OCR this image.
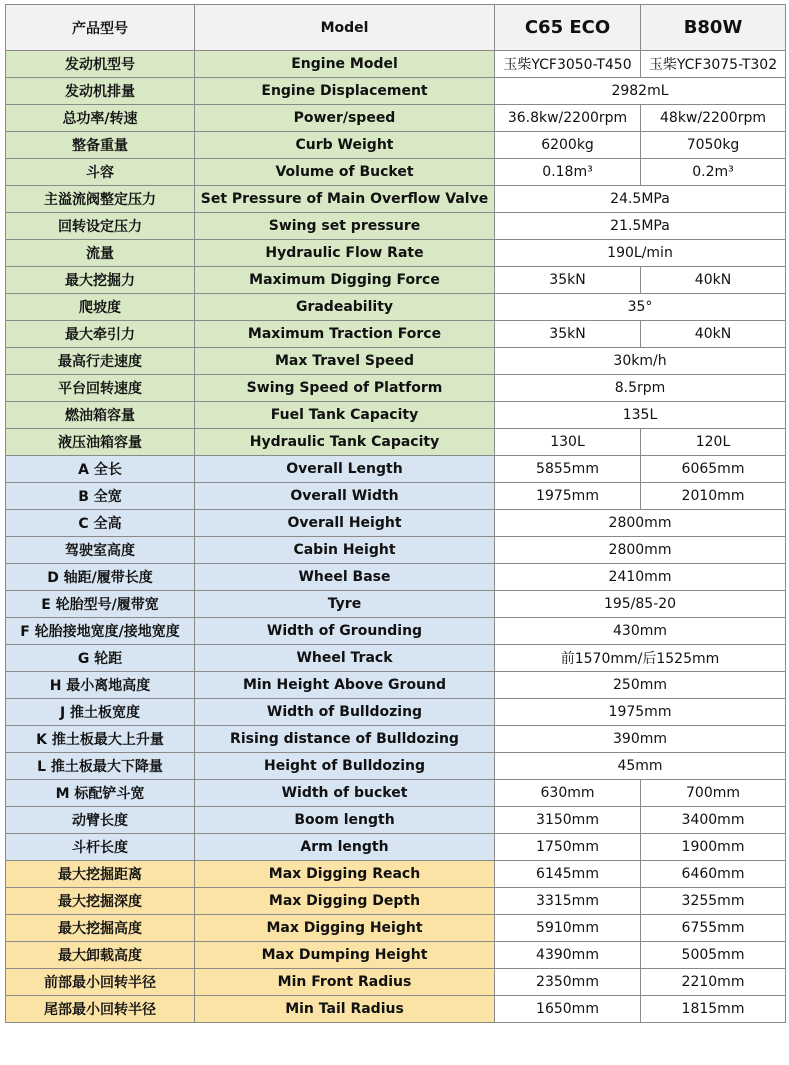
产品型号	Model	C65 ECO	B80W
发动机型号	Engine Model	玉柴YCF3050-T450	玉柴YCF3075-T302
发动机排量	Engine Displacement	2982mL	
总功率/转速	Power/speed	36.8kw/2200rpm	48kw/2200rpm
整备重量	Curb Weight	6200kg	7050kg
斗容	Volume of Bucket	0.18m³	0.2m³
主溢流阀整定压力	Set Pressure of Main Overflow Valve	24.5MPa	
回转设定压力	Swing set pressure	21.5MPa	
流量	Hydraulic Flow Rate	190L/min	
最大挖掘力	Maximum Digging Force	35kN	40kN
爬坡度	Gradeability	35°	
最大牵引力	Maximum Traction Force	35kN	40kN
最高行走速度	Max Travel Speed	30km/h	
平台回转速度	Swing Speed of Platform	8.5rpm	
燃油箱容量	Fuel Tank Capacity	135L	
液压油箱容量	Hydraulic Tank Capacity	130L	120L
A 全长	Overall Length	5855mm	6065mm
B 全宽	Overall Width	1975mm	2010mm
C 全高	Overall Height	2800mm	
驾驶室高度	Cabin Height	2800mm	
D 轴距/履带长度	Wheel Base	2410mm	
E 轮胎型号/履带宽	Tyre	195/85-20	
F 轮胎接地宽度/接地宽度	Width of Grounding	430mm	
G 轮距	Wheel Track	前1570mm/后1525mm	
H 最小离地高度	Min Height Above Ground	250mm	
J 推土板宽度	Width of Bulldozing	1975mm	
K 推土板最大上升量	Rising distance of Bulldozing	390mm	
L 推土板最大下降量	Height of Bulldozing	45mm	
M 标配铲斗宽	Width of bucket	630mm	700mm
动臂长度	Boom length	3150mm	3400mm
斗杆长度	Arm length	1750mm	1900mm
最大挖掘距离	Max Digging Reach	6145mm	6460mm
最大挖掘深度	Max Digging Depth	3315mm	3255mm
最大挖掘高度	Max Digging Height	5910mm	6755mm
最大卸载高度	Max Dumping Height	4390mm	5005mm
前部最小回转半径	Min Front Radius	2350mm	2210mm
尾部最小回转半径	Min Tail Radius	1650mm	1815mm
